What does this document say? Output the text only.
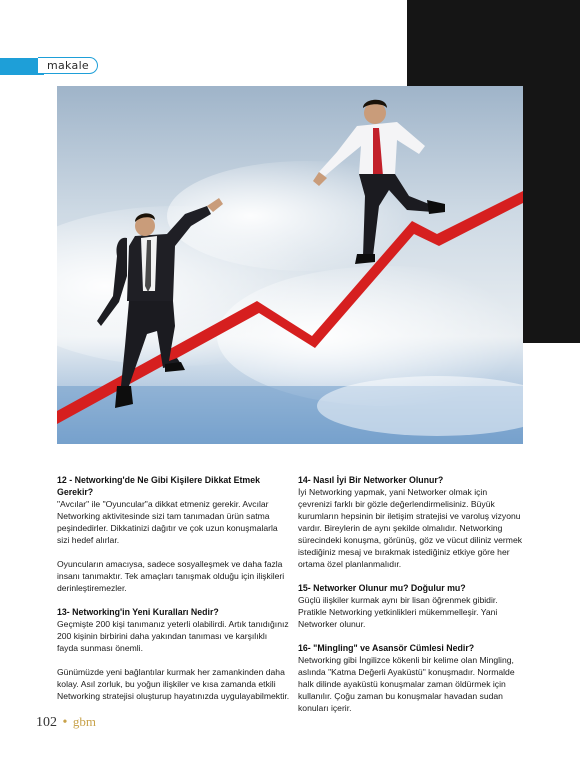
makale
12 - Networking'de Ne Gibi Kişilere Dikkat Etmek Gerekir?

"Avcılar" ile "Oyuncular"a dikkat etmeniz gerekir. Avcılar Networking aktivitesinde sizi tam tanımadan ürün satma peşindedirler. Dikkatinizi dağıtır ve çok uzun konuşmalarla sizi hedef alırlar.

Oyuncuların amacıysa, sadece sosyalleşmek ve daha fazla insanı tanımaktır. Tek amaçları tanışmak olduğu için ilişkileri derinleştiremezler.

13- Networking'in Yeni Kuralları Nedir?

Geçmişte 200 kişi tanımanız yeterli olabilirdi. Artık tanıdığınız 200 kişinin birbirini daha yakından tanıması ve karşılıklı fayda sunması önemli.

Günümüzde yeni bağlantılar kurmak her zamankinden daha kolay. Asıl zorluk, bu yoğun ilişkiler ve kısa zamanda etkili Networking stratejisi oluşturup hayatınızda uygulayabilmektir.

14- Nasıl İyi Bir Networker Olunur?

İyi Networking yapmak, yani Networker olmak için çevrenizi farklı bir gözle değerlendirmelisiniz. Büyük kurumların hepsinin bir iletişim stratejisi ve varoluş vizyonu vardır. Bireylerin de aynı şekilde olmalıdır. Networking sürecindeki konuşma, görünüş, göz ve vücut diliniz vermek istediğiniz mesaj ve bırakmak istediğiniz etkiye göre her ortama özel planlanmalıdır.

15- Networker Olunur mu? Doğulur mu?

Güçlü ilişkiler kurmak aynı bir lisan öğrenmek gibidir. Pratikle Networking yetkinlikleri mükemmelleşir. Yani Networker olunur.

16- "Mingling" ve Asansör Cümlesi Nedir?

Networking gibi İngilizce kökenli bir kelime olan Mingling, aslında "Katma Değerli Ayaküstü" konuşmadır. Normalde halk dilinde ayaküstü konuşmalar zaman öldürmek için kullanılır. Çoğu zaman bu konuşmalar havadan sudan konuları içerir.

102 • gbm
